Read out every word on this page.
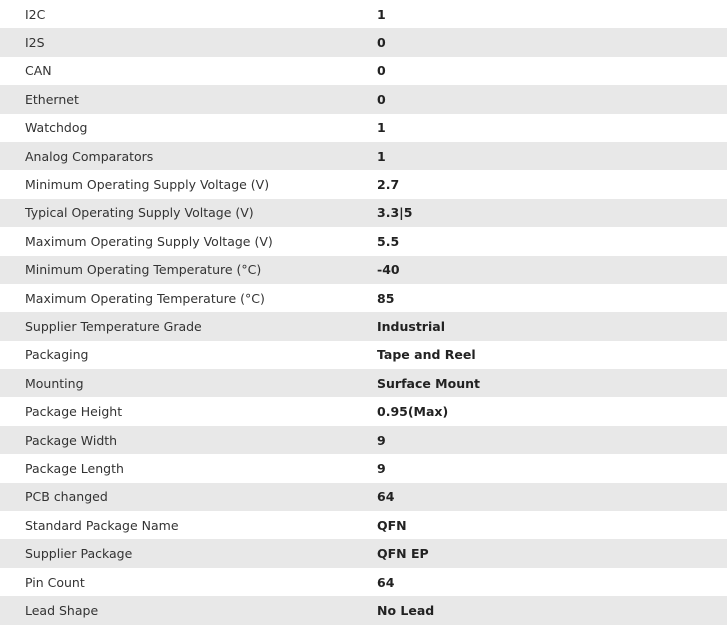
I2C	1
I2S	0
CAN	0
Ethernet	0
Watchdog	1
Analog Comparators	1
Minimum Operating Supply Voltage (V)	2.7
Typical Operating Supply Voltage (V)	3.3|5
Maximum Operating Supply Voltage (V)	5.5
Minimum Operating Temperature (°C)	-40
Maximum Operating Temperature (°C)	85
Supplier Temperature Grade	Industrial
Packaging	Tape and Reel
Mounting	Surface Mount
Package Height	0.95(Max)
Package Width	9
Package Length	9
PCB changed	64
Standard Package Name	QFN
Supplier Package	QFN EP
Pin Count	64
Lead Shape	No Lead
